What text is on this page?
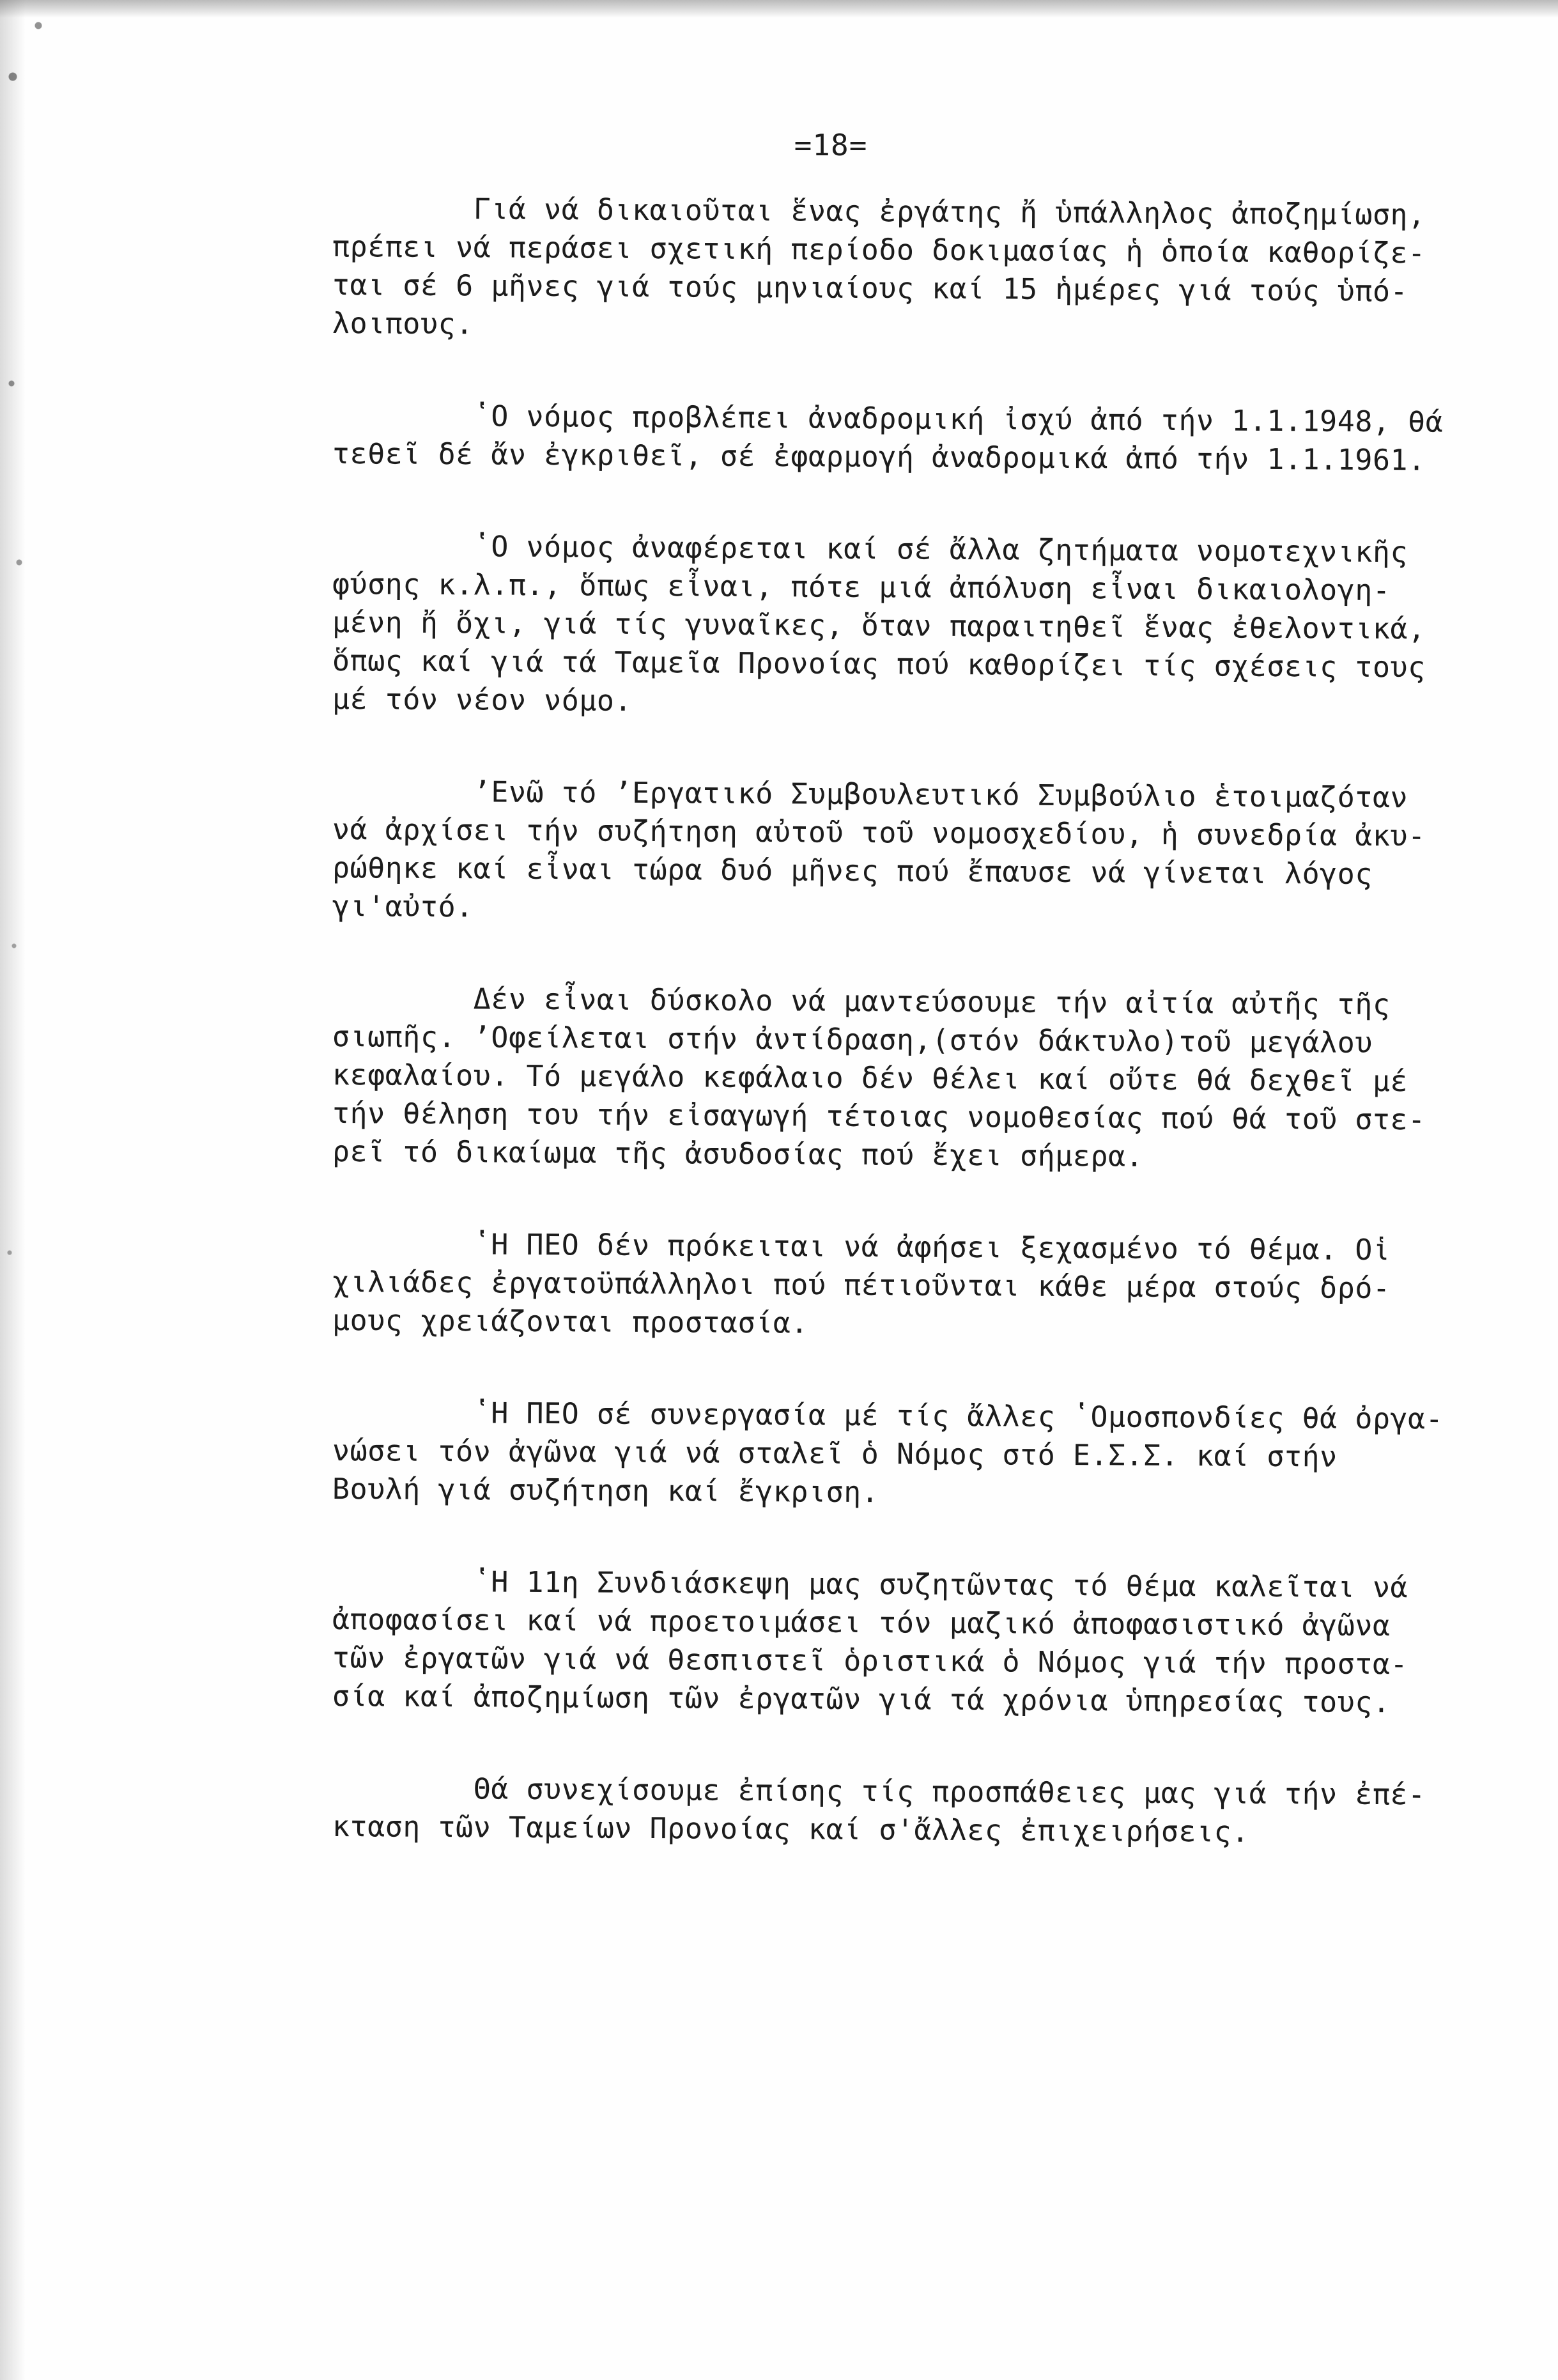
=18=
Γιά νά δικαιοῦται ἕνας ἐργάτης ἤ ὑπάλληλος ἀποζημίωση,
πρέπει νά περάσει σχετική περίοδο δοκιμασίας ἡ ὁποία καθορίζε-
ται σέ 6 μῆνες γιά τούς μηνιαίους καί 15 ἡμέρες γιά τούς ὑπό-
λοιπους.
ʽΟ νόμος προβλέπει ἀναδρομική ἰσχύ ἀπό τήν 1.1.1948, θά
τεθεῖ δέ ἄν ἐγκριθεῖ, σέ ἐφαρμογή ἀναδρομικά ἀπό τήν 1.1.1961.
ʽΟ νόμος ἀναφέρεται καί σέ ἄλλα ζητήματα νομοτεχνικῆς
φύσης κ.λ.π., ὅπως εἶναι, πότε μιά ἀπόλυση εἶναι δικαιολογη-
μένη ἤ ὄχι, γιά τίς γυναῖκες, ὅταν παραιτηθεῖ ἕνας ἐθελοντικά,
ὅπως καί γιά τά Ταμεῖα Προνοίας πού καθορίζει τίς σχέσεις τους
μέ τόν νέον νόμο.
ʼΕνῶ τό ʼΕργατικό Συμβουλευτικό Συμβούλιο ἑτοιμαζόταν
νά ἀρχίσει τήν συζήτηση αὐτοῦ τοῦ νομοσχεδίου, ἡ συνεδρία ἀκυ-
ρώθηκε καί εἶναι τώρα δυό μῆνες πού ἔπαυσε νά γίνεται λόγος
γι'αὐτό.
Δέν εἶναι δύσκολο νά μαντεύσουμε τήν αἰτία αὐτῆς τῆς
σιωπῆς. ʼΟφείλεται στήν ἀντίδραση,(στόν δάκτυλο)τοῦ μεγάλου
κεφαλαίου. Τό μεγάλο κεφάλαιο δέν θέλει καί οὔτε θά δεχθεῖ μέ
τήν θέληση του τήν εἰσαγωγή τέτοιας νομοθεσίας πού θά τοῦ στε-
ρεῖ τό δικαίωμα τῆς ἀσυδοσίας πού ἔχει σήμερα.
ʽΗ ΠΕΟ δέν πρόκειται νά ἀφήσει ξεχασμένο τό θέμα. Οἱ
χιλιάδες ἐργατοϋπάλληλοι πού πέτιοῦνται κάθε μέρα στούς δρό-
μους χρειάζονται προστασία.
ʽΗ ΠΕΟ σέ συνεργασία μέ τίς ἄλλες ʽΟμοσπονδίες θά ὀργα-
νώσει τόν ἀγῶνα γιά νά σταλεῖ ὁ Νόμος στό Ε.Σ.Σ. καί στήν
Βουλή γιά συζήτηση καί ἔγκριση.
ʽΗ 11η Συνδιάσκεψη μας συζητῶντας τό θέμα καλεῖται νά
ἀποφασίσει καί νά προετοιμάσει τόν μαζικό ἀποφασιστικό ἀγῶνα
τῶν ἐργατῶν γιά νά θεσπιστεῖ ὁριστικά ὁ Νόμος γιά τήν προστα-
σία καί ἀποζημίωση τῶν ἐργατῶν γιά τά χρόνια ὑπηρεσίας τους.
Θά συνεχίσουμε ἐπίσης τίς προσπάθειες μας γιά τήν ἐπέ-
κταση τῶν Ταμείων Προνοίας καί σ'ἄλλες ἐπιχειρήσεις.
